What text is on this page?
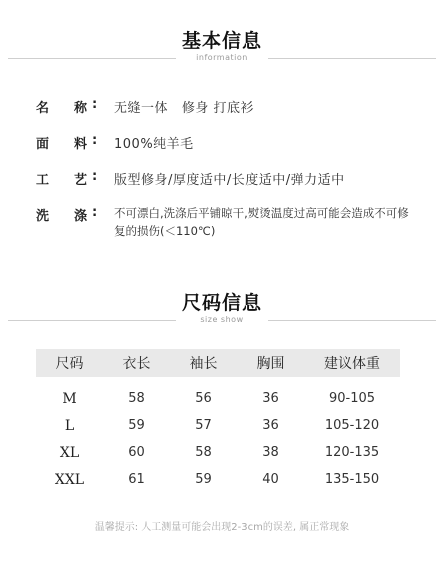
基本信息
information
名 称 : 无缝一体   修身 打底衫
面 料 : 100%纯羊毛
工 艺 : 版型修身/厚度适中/长度适中/弹力适中
洗 涤 : 不可漂白,洗涤后平铺晾干,熨烫温度过高可能会造成不可修复的损伤(＜110℃)
尺码信息
size show
尺码	衣长	袖长	胸围	建议体重

M	58	56	36	90-105
L	59	57	36	105-120
XL	60	58	38	120-135
XXL	61	59	40	135-150
温馨提示: 人工测量可能会出现2-3cm的误差, 属正常现象
